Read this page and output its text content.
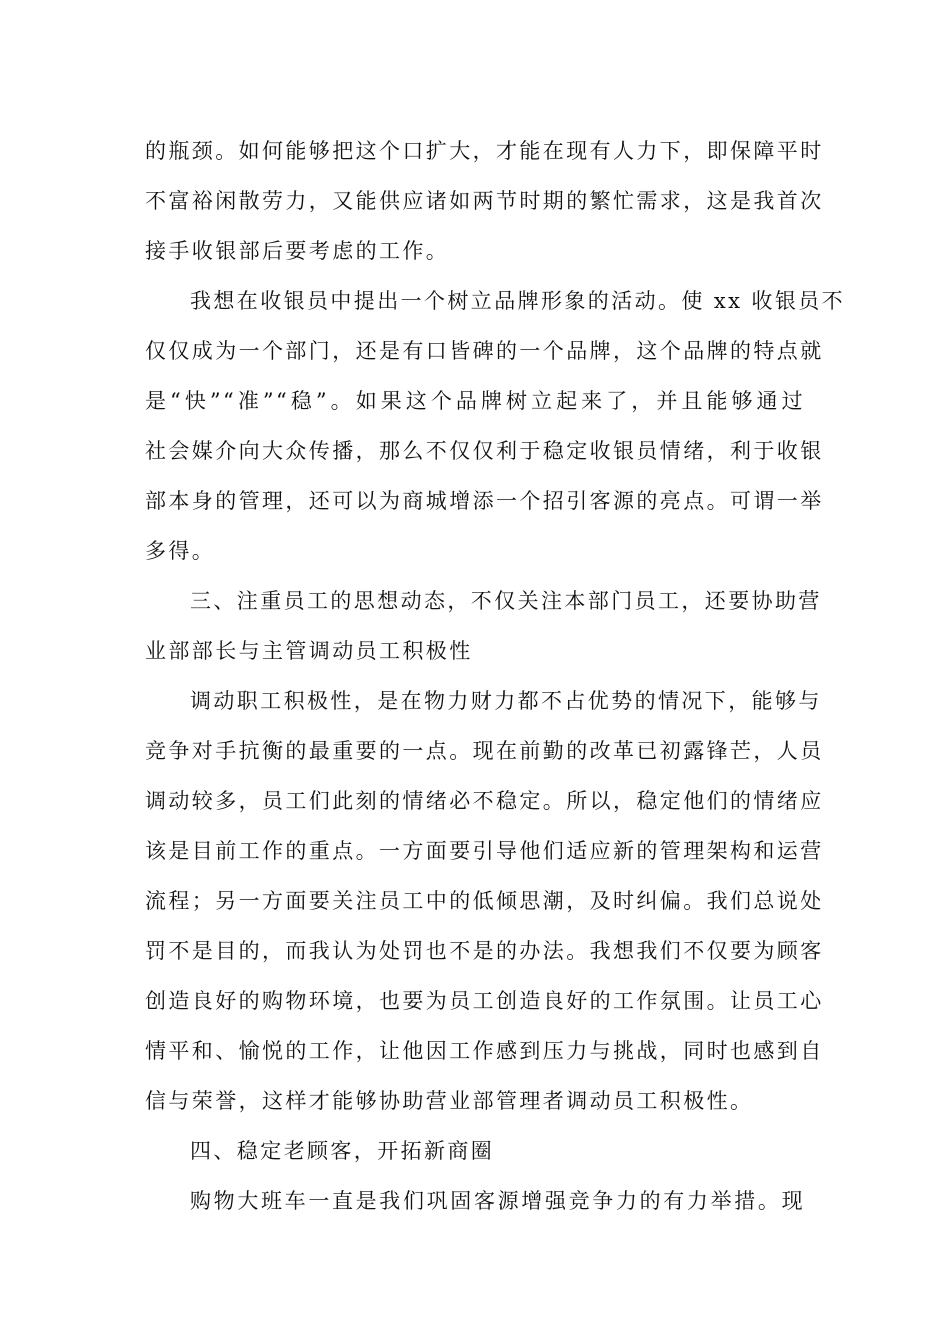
的瓶颈。如何能够把这个口扩大，才能在现有人力下，即保障平时
不富裕闲散劳力，又能供应诸如两节时期的繁忙需求，这是我首次
接手收银部后要考虑的工作。
我想在收银员中提出一个树立品牌形象的活动。使 xx 收银员不
仅仅成为一个部门，还是有口皆碑的一个品牌，这个品牌的特点就
是“快”“准”“稳”。如果这个品牌树立起来了，并且能够通过
社会媒介向大众传播，那么不仅仅利于稳定收银员情绪，利于收银
部本身的管理，还可以为商城增添一个招引客源的亮点。可谓一举
多得。
三、注重员工的思想动态，不仅关注本部门员工，还要协助营
业部部长与主管调动员工积极性
调动职工积极性，是在物力财力都不占优势的情况下，能够与
竞争对手抗衡的最重要的一点。现在前勤的改革已初露锋芒，人员
调动较多，员工们此刻的情绪必不稳定。所以，稳定他们的情绪应
该是目前工作的重点。一方面要引导他们适应新的管理架构和运营
流程；另一方面要关注员工中的低倾思潮，及时纠偏。我们总说处
罚不是目的，而我认为处罚也不是的办法。我想我们不仅要为顾客
创造良好的购物环境，也要为员工创造良好的工作氛围。让员工心
情平和、愉悦的工作，让他因工作感到压力与挑战，同时也感到自
信与荣誉，这样才能够协助营业部管理者调动员工积极性。
四、稳定老顾客，开拓新商圈
购物大班车一直是我们巩固客源增强竞争力的有力举措。现
